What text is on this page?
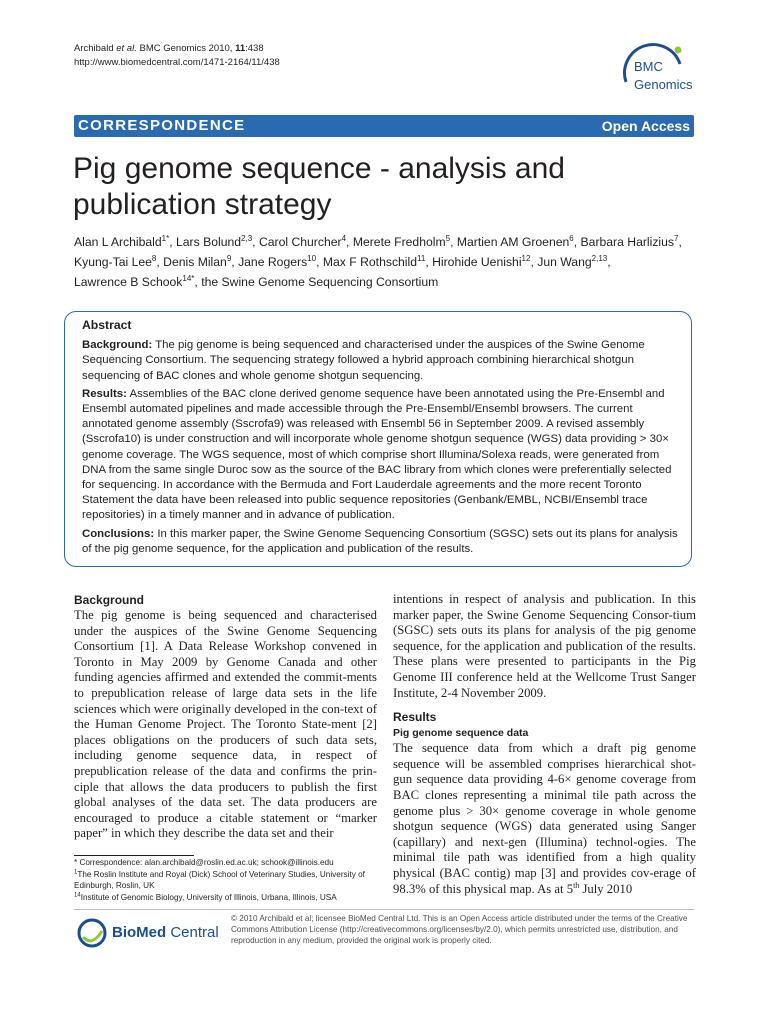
Archibald et al. BMC Genomics 2010, 11:438
http://www.biomedcentral.com/1471-2164/11/438	BMC
Genomics
CORRESPONDENCE	Open Access
Pig genome sequence - analysis and publication strategy
Alan L Archibald$^{1*}$, Lars Bolund$^{2,3}$, Carol Churcher$^4$, Merete Fredholm$^5$, Martien AM Groenen$^6$, Barbara Harlizius$^7$,
Kyung-Tai Lee$^8$, Denis Milan$^9$, Jane Rogers$^{10}$, Max F Rothschild$^{11}$, Hirohide Uenishi$^{12}$, Jun Wang$^{2,13}$,
Lawrence B Schook$^{14*}$, the Swine Genome Sequencing Consortium
Abstract

Background: The pig genome is being sequenced and characterised under the auspices of the Swine Genome Sequencing Consortium. The sequencing strategy followed a hybrid approach combining hierarchical shotgun sequencing of BAC clones and whole genome shotgun sequencing.

Results: Assemblies of the BAC clone derived genome sequence have been annotated using the Pre-Ensembl and Ensembl automated pipelines and made accessible through the Pre-Ensembl/Ensembl browsers. The current annotated genome assembly (Sscrofa9) was released with Ensembl 56 in September 2009. A revised assembly (Sscrofa10) is under construction and will incorporate whole genome shotgun sequence (WGS) data providing > 30× genome coverage. The WGS sequence, most of which comprise short Illumina/Solexa reads, were generated from DNA from the same single Duroc sow as the source of the BAC library from which clones were preferentially selected for sequencing. In accordance with the Bermuda and Fort Lauderdale agreements and the more recent Toronto Statement the data have been released into public sequence repositories (Genbank/EMBL, NCBI/Ensembl trace repositories) in a timely manner and in advance of publication.

Conclusions: In this marker paper, the Swine Genome Sequencing Consortium (SGSC) sets out its plans for analysis of the pig genome sequence, for the application and publication of the results.

Background

The pig genome is being sequenced and characterised under the auspices of the Swine Genome Sequencing Consortium [1]. A Data Release Workshop convened in Toronto in May 2009 by Genome Canada and other funding agencies affirmed and extended the commit-ments to prepublication release of large data sets in the life sciences which were originally developed in the con-text of the Human Genome Project. The Toronto State-ment [2] places obligations on the producers of such data sets, including genome sequence data, in respect of prepublication release of the data and confirms the prin-ciple that allows the data producers to publish the first global analyses of the data set. The data producers are encouraged to produce a citable statement or “marker paper” in which they describe the data set and their

intentions in respect of analysis and publication. In this marker paper, the Swine Genome Sequencing Consor-tium (SGSC) sets outs its plans for analysis of the pig genome sequence, for the application and publication of the results. These plans were presented to participants in the Pig Genome III conference held at the Wellcome Trust Sanger Institute, 2-4 November 2009.

Results
Pig genome sequence data

The sequence data from which a draft pig genome sequence will be assembled comprises hierarchical shot-gun sequence data providing 4-6× genome coverage from BAC clones representing a minimal tile path across the genome plus > 30× genome coverage in whole genome shotgun sequence (WGS) data generated using Sanger (capillary) and next-gen (Illumina) technol-ogies. The minimal tile path was identified from a high quality physical (BAC contig) map [3] and provides cov-erage of 98.3% of this physical map. As at 5th July 2010

* Correspondence: alan.archibald@roslin.ed.ac.uk; schook@illinois.edu

$^1$The Roslin Institute and Royal (Dick) School of Veterinary Studies, University of Edinburgh, Roslin, UK

$^{14}$Institute of Genomic Biology, University of Illinois, Urbana, Illinois, USA

BioMed Central
© 2010 Archibald et al; licensee BioMed Central Ltd. This is an Open Access article distributed under the terms of the Creative Commons Attribution License (http://creativecommons.org/licenses/by/2.0), which permits unrestricted use, distribution, and reproduction in any medium, provided the original work is properly cited.
